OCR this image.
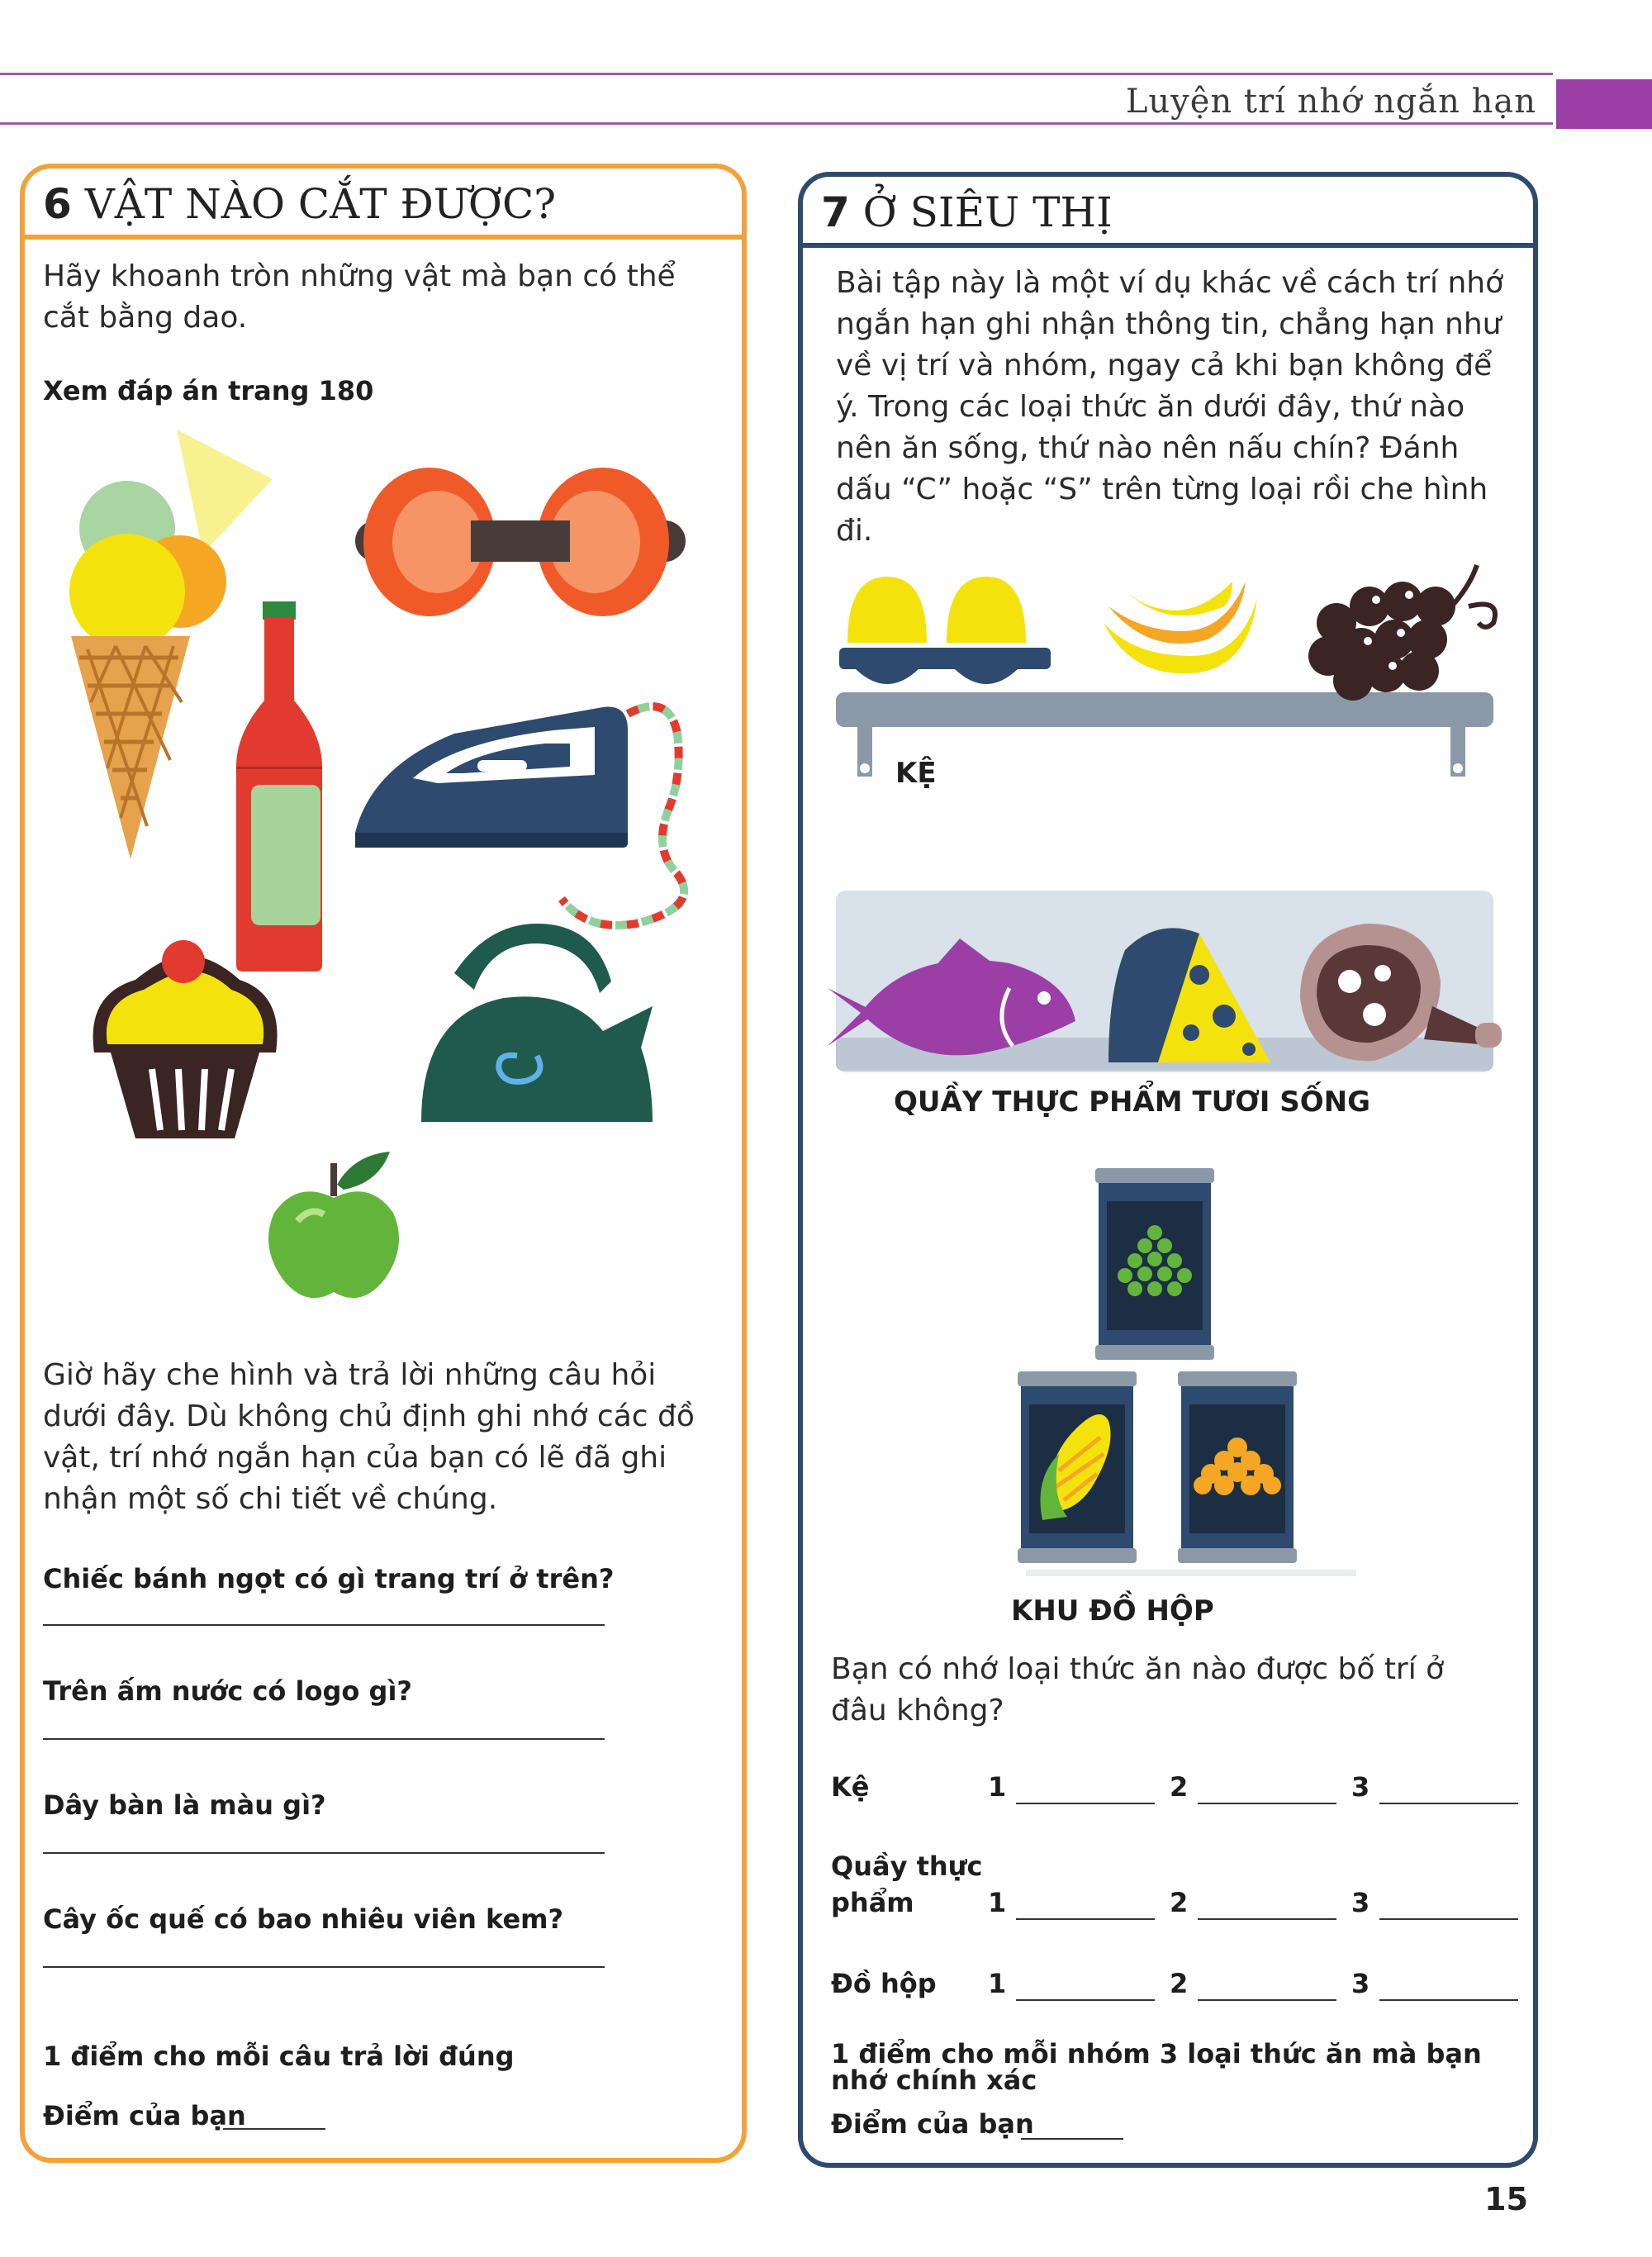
Luyện trí nhớ ngắn hạn
6 VẬT NÀO CẮT ĐƯỢC?
Hãy khoanh tròn những vật mà bạn có thể cắt bằng dao.
Xem đáp án trang 180
Giờ hãy che hình và trả lời những câu hỏi dưới đây. Dù không chủ định ghi nhớ các đồ vật, trí nhớ ngắn hạn của bạn có lẽ đã ghi nhận một số chi tiết về chúng.
Chiếc bánh ngọt có gì trang trí ở trên?
Trên ấm nước có logo gì?
Dây bàn là màu gì?
Cây ốc quế có bao nhiêu viên kem?
1 điểm cho mỗi câu trả lời đúng
Điểm của bạn
7 Ở SIÊU THỊ
Bài tập này là một ví dụ khác về cách trí nhớ ngắn hạn ghi nhận thông tin, chẳng hạn như về vị trí và nhóm, ngay cả khi bạn không để ý. Trong các loại thức ăn dưới đây, thứ nào nên ăn sống, thứ nào nên nấu chín? Đánh dấu “C” hoặc “S” trên từng loại rồi che hình đi.
KỆ
QUẦY THỰC PHẨM TƯƠI SỐNG
KHU ĐỒ HỘP
Bạn có nhớ loại thức ăn nào được bố trí ở đâu không?
Kệ	1	2	3
Quầy thực
phẩm	1	2	3
Đồ hộp 1	2	3
1 điểm cho mỗi nhóm 3 loại thức ăn mà bạn nhớ chính xác
Điểm của bạn
15
